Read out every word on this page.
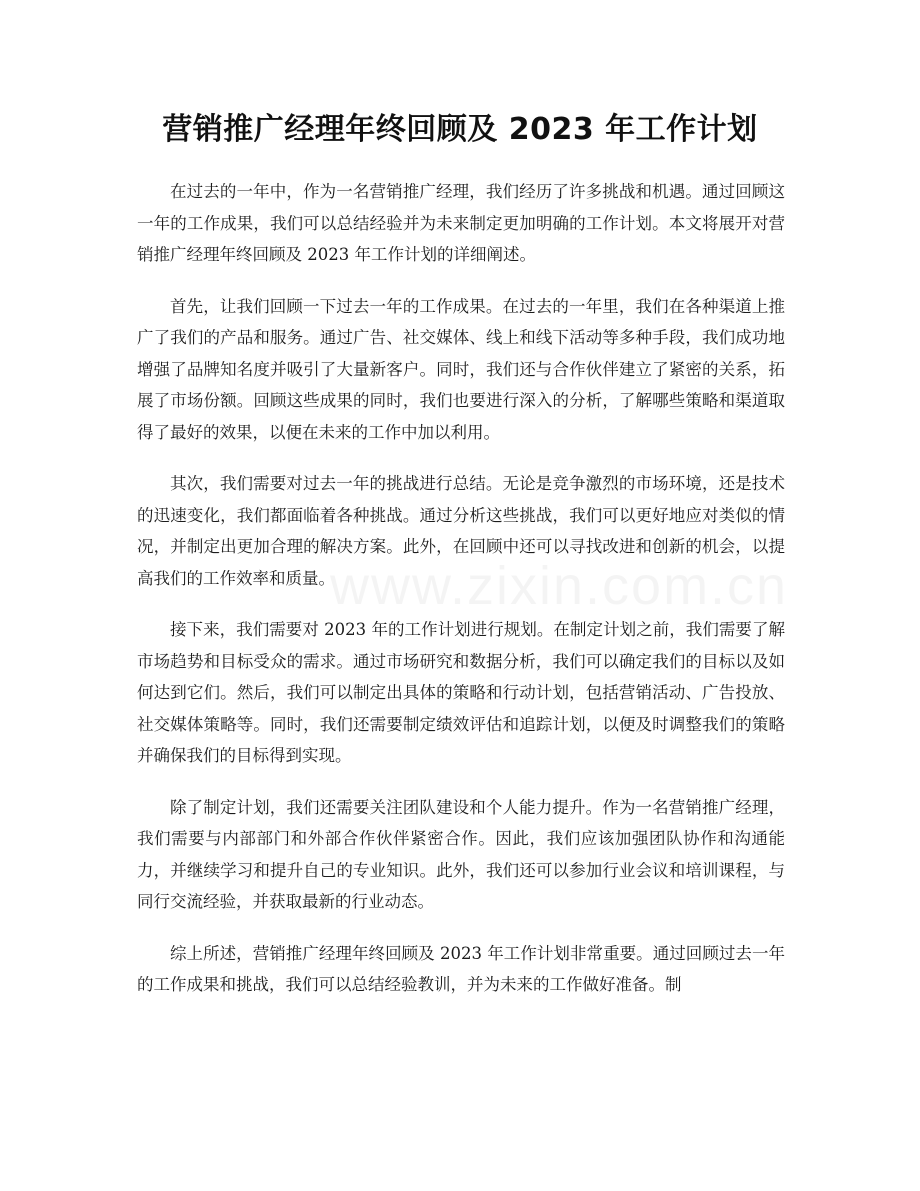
营销推广经理年终回顾及 2023 年工作计划

在过去的一年中，作为一名营销推广经理，我们经历了许多挑战和机遇。通过回顾这一年的工作成果，我们可以总结经验并为未来制定更加明确的工作计划。本文将展开对营销推广经理年终回顾及 2023 年工作计划的详细阐述。

首先，让我们回顾一下过去一年的工作成果。在过去的一年里，我们在各种渠道上推广了我们的产品和服务。通过广告、社交媒体、线上和线下活动等多种手段，我们成功地增强了品牌知名度并吸引了大量新客户。同时，我们还与合作伙伴建立了紧密的关系，拓展了市场份额。回顾这些成果的同时，我们也要进行深入的分析，了解哪些策略和渠道取得了最好的效果，以便在未来的工作中加以利用。

其次，我们需要对过去一年的挑战进行总结。无论是竞争激烈的市场环境，还是技术的迅速变化，我们都面临着各种挑战。通过分析这些挑战，我们可以更好地应对类似的情况，并制定出更加合理的解决方案。此外，在回顾中还可以寻找改进和创新的机会，以提高我们的工作效率和质量。

接下来，我们需要对 2023 年的工作计划进行规划。在制定计划之前，我们需要了解市场趋势和目标受众的需求。通过市场研究和数据分析，我们可以确定我们的目标以及如何达到它们。然后，我们可以制定出具体的策略和行动计划，包括营销活动、广告投放、社交媒体策略等。同时，我们还需要制定绩效评估和追踪计划，以便及时调整我们的策略并确保我们的目标得到实现。

除了制定计划，我们还需要关注团队建设和个人能力提升。作为一名营销推广经理，我们需要与内部部门和外部合作伙伴紧密合作。因此，我们应该加强团队协作和沟通能力，并继续学习和提升自己的专业知识。此外，我们还可以参加行业会议和培训课程，与同行交流经验，并获取最新的行业动态。

综上所述，营销推广经理年终回顾及 2023 年工作计划非常重要。通过回顾过去一年的工作成果和挑战，我们可以总结经验教训，并为未来的工作做好准备。制
